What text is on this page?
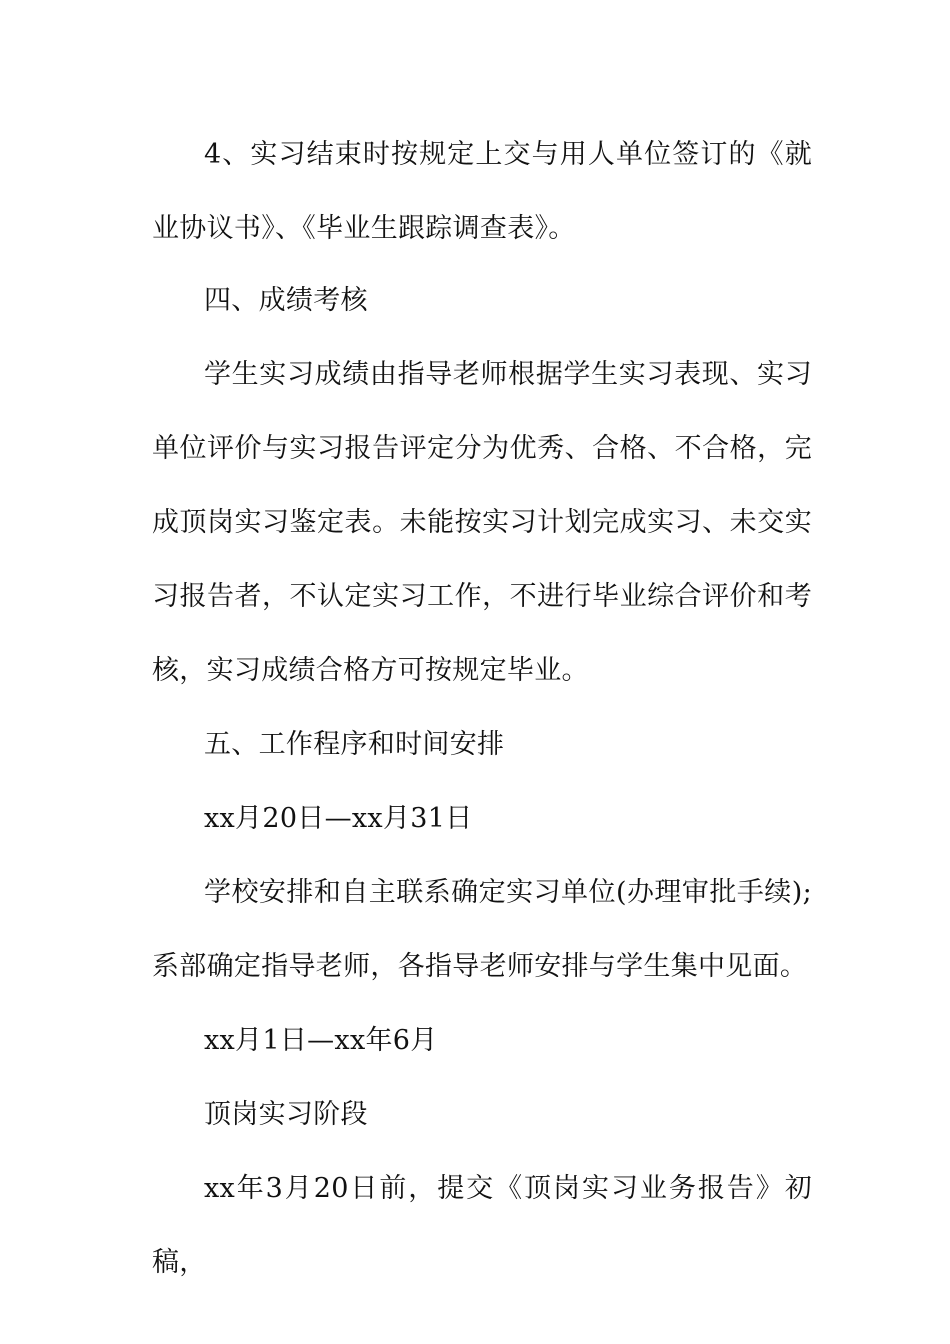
4、实习结束时按规定上交与用人单位签订的《就业协议书》、《毕业生跟踪调查表》。

四、成绩考核

学生实习成绩由指导老师根据学生实习表现、实习单位评价与实习报告评定分为优秀、合格、不合格，完成顶岗实习鉴定表。未能按实习计划完成实习、未交实习报告者，不认定实习工作，不进行毕业综合评价和考核，实习成绩合格方可按规定毕业。

五、工作程序和时间安排

xx月20日—xx月31日

学校安排和自主联系确定实习单位(办理审批手续);系部确定指导老师，各指导老师安排与学生集中见面。

xx月1日—xx年6月

顶岗实习阶段

xx年3月20日前，提交《顶岗实习业务报告》初稿，
